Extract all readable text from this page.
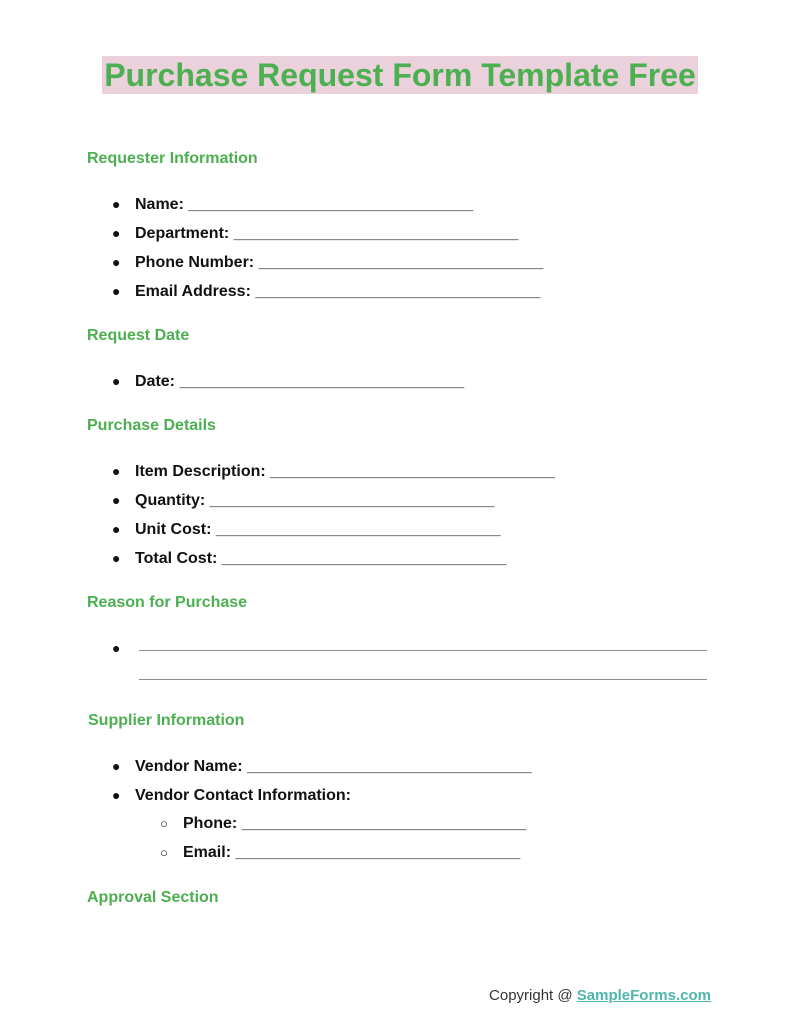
Purchase Request Form Template Free
Requester Information
● Name: ________________________________
● Department: ________________________________
● Phone Number: ________________________________
● Email Address: ________________________________
Request Date
● Date: ________________________________
Purchase Details
● Item Description: ________________________________
● Quantity: ________________________________
● Unit Cost: ________________________________
● Total Cost: ________________________________
Reason for Purchase
●
Supplier Information
● Vendor Name: ________________________________
● Vendor Contact Information:
○ Phone: ________________________________
○ Email: ________________________________
Approval Section
Copyright @ SampleForms.com
